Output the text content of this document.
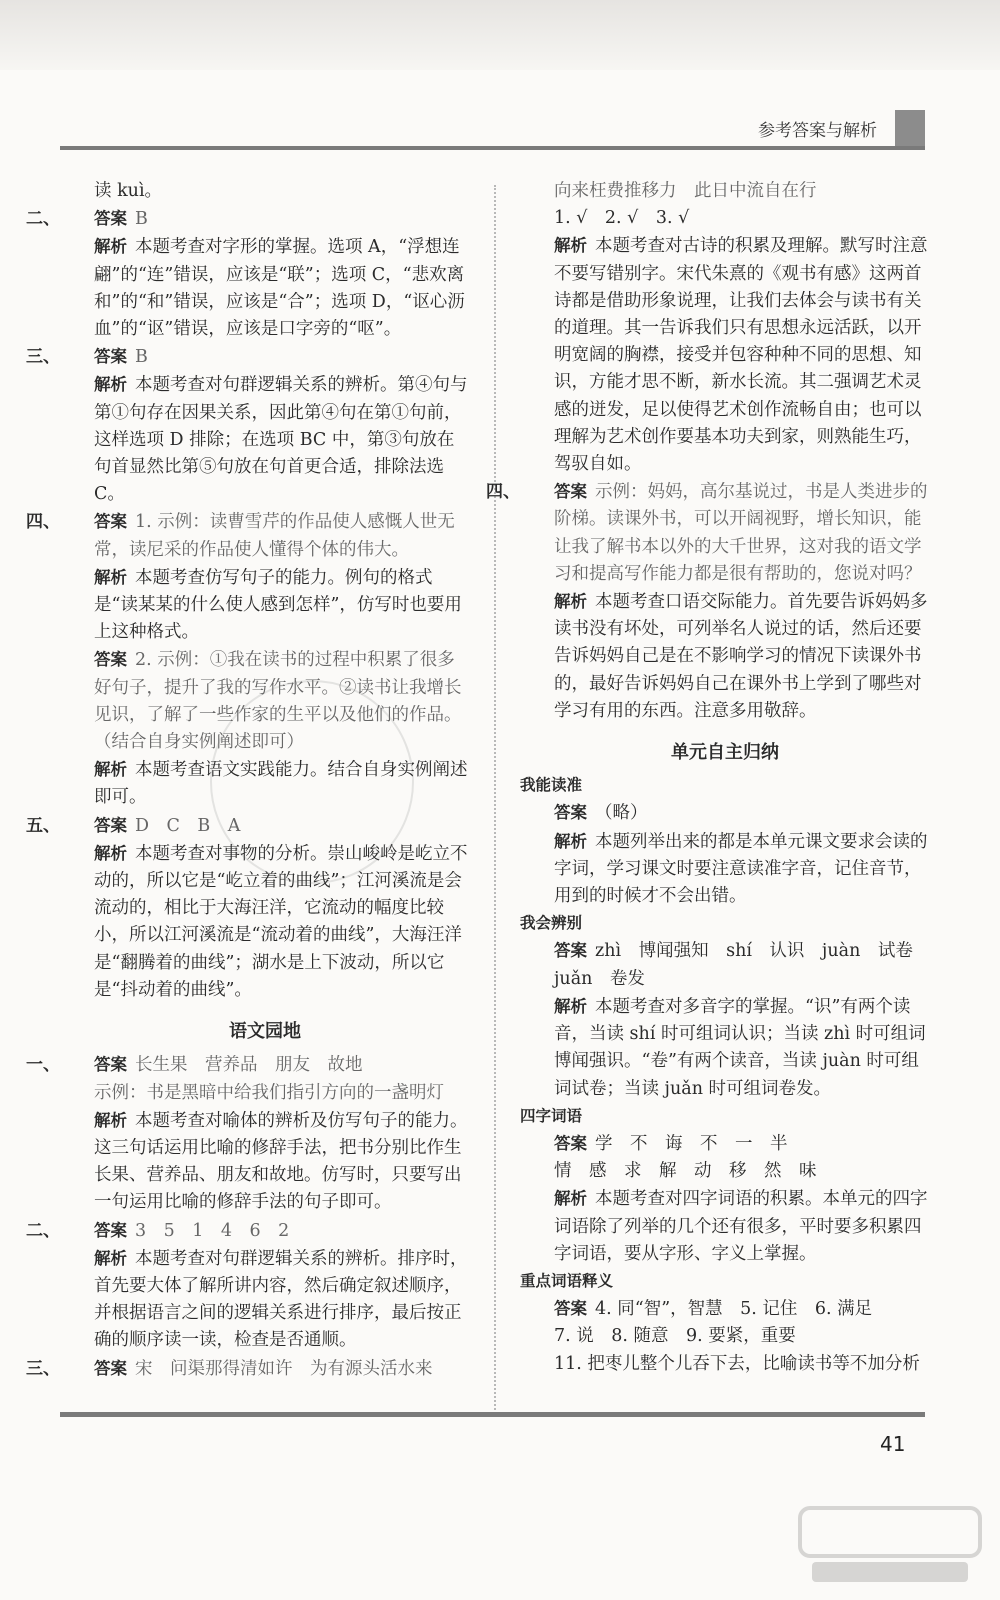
参考答案与解析
读 kuì。
二、 答案 B
解析 本题考查对字形的掌握。选项 A，“浮想连翩”的“连”错误，应该是“联”；选项 C，“悲欢离和”的“和”错误，应该是“合”；选项 D，“讴心沥血”的“讴”错误，应该是口字旁的“呕”。
三、 答案 B
解析 本题考查对句群逻辑关系的辨析。第④句与第①句存在因果关系，因此第④句在第①句前，这样选项 D 排除；在选项 BC 中，第③句放在句首显然比第⑤句放在句首更合适，排除法选 C。
四、 答案 1. 示例：读曹雪芹的作品使人感慨人世无常，读尼采的作品使人懂得个体的伟大。
解析 本题考查仿写句子的能力。例句的格式是“读某某的什么使人感到怎样”，仿写时也要用上这种格式。
答案 2. 示例：①我在读书的过程中积累了很多好句子，提升了我的写作水平。②读书让我增长见识，了解了一些作家的生平以及他们的作品。（结合自身实例阐述即可）
解析 本题考查语文实践能力。结合自身实例阐述即可。
五、 答案 D　C　B　A
解析 本题考查对事物的分析。崇山峻岭是屹立不动的，所以它是“屹立着的曲线”；江河溪流是会流动的，相比于大海汪洋，它流动的幅度比较小，所以江河溪流是“流动着的曲线”，大海汪洋是“翻腾着的曲线”；湖水是上下波动，所以它是“抖动着的曲线”。
语文园地
一、 答案 长生果　营养品　朋友　故地
示例：书是黑暗中给我们指引方向的一盏明灯
解析 本题考查对喻体的辨析及仿写句子的能力。这三句话运用比喻的修辞手法，把书分别比作生长果、营养品、朋友和故地。仿写时，只要写出一句运用比喻的修辞手法的句子即可。
二、 答案 3　5　1　4　6　2
解析 本题考查对句群逻辑关系的辨析。排序时，首先要大体了解所讲内容，然后确定叙述顺序，并根据语言之间的逻辑关系进行排序，最后按正确的顺序读一读，检查是否通顺。
三、 答案 宋　问渠那得清如许　为有源头活水来
向来枉费推移力　此日中流自在行
1. √　2. √　3. √
解析 本题考查对古诗的积累及理解。默写时注意不要写错别字。宋代朱熹的《观书有感》这两首诗都是借助形象说理，让我们去体会与读书有关的道理。其一告诉我们只有思想永远活跃，以开明宽阔的胸襟，接受并包容种种不同的思想、知识，方能才思不断，新水长流。其二强调艺术灵感的迸发，足以使得艺术创作流畅自由；也可以理解为艺术创作要基本功夫到家，则熟能生巧，驾驭自如。
四、 答案 示例：妈妈，高尔基说过，书是人类进步的阶梯。读课外书，可以开阔视野，增长知识，能让我了解书本以外的大千世界，这对我的语文学习和提高写作能力都是很有帮助的，您说对吗？
解析 本题考查口语交际能力。首先要告诉妈妈多读书没有坏处，可列举名人说过的话，然后还要告诉妈妈自己是在不影响学习的情况下读课外书的，最好告诉妈妈自己在课外书上学到了哪些对学习有用的东西。注意多用敬辞。
单元自主归纳
我能读准
答案 （略）
解析 本题列举出来的都是本单元课文要求会读的字词，学习课文时要注意读准字音，记住音节，用到的时候才不会出错。
我会辨别
答案 zhì　博闻强知　shí　认识　juàn　试卷　juǎn　卷发
解析 本题考查对多音字的掌握。“识”有两个读音，当读 shí 时可组词认识；当读 zhì 时可组词博闻强识。“卷”有两个读音，当读 juàn 时可组词试卷；当读 juǎn 时可组词卷发。
四字词语
答案 学　不　诲　不　一　半
情　感　求　解　动　移　然　味
解析 本题考查对四字词语的积累。本单元的四字词语除了列举的几个还有很多，平时要多积累四字词语，要从字形、字义上掌握。
重点词语释义
答案 4. 同“智”，智慧　5. 记住　6. 满足
7. 说　8. 随意　9. 要紧，重要
11. 把枣儿整个儿吞下去，比喻读书等不加分析
41
